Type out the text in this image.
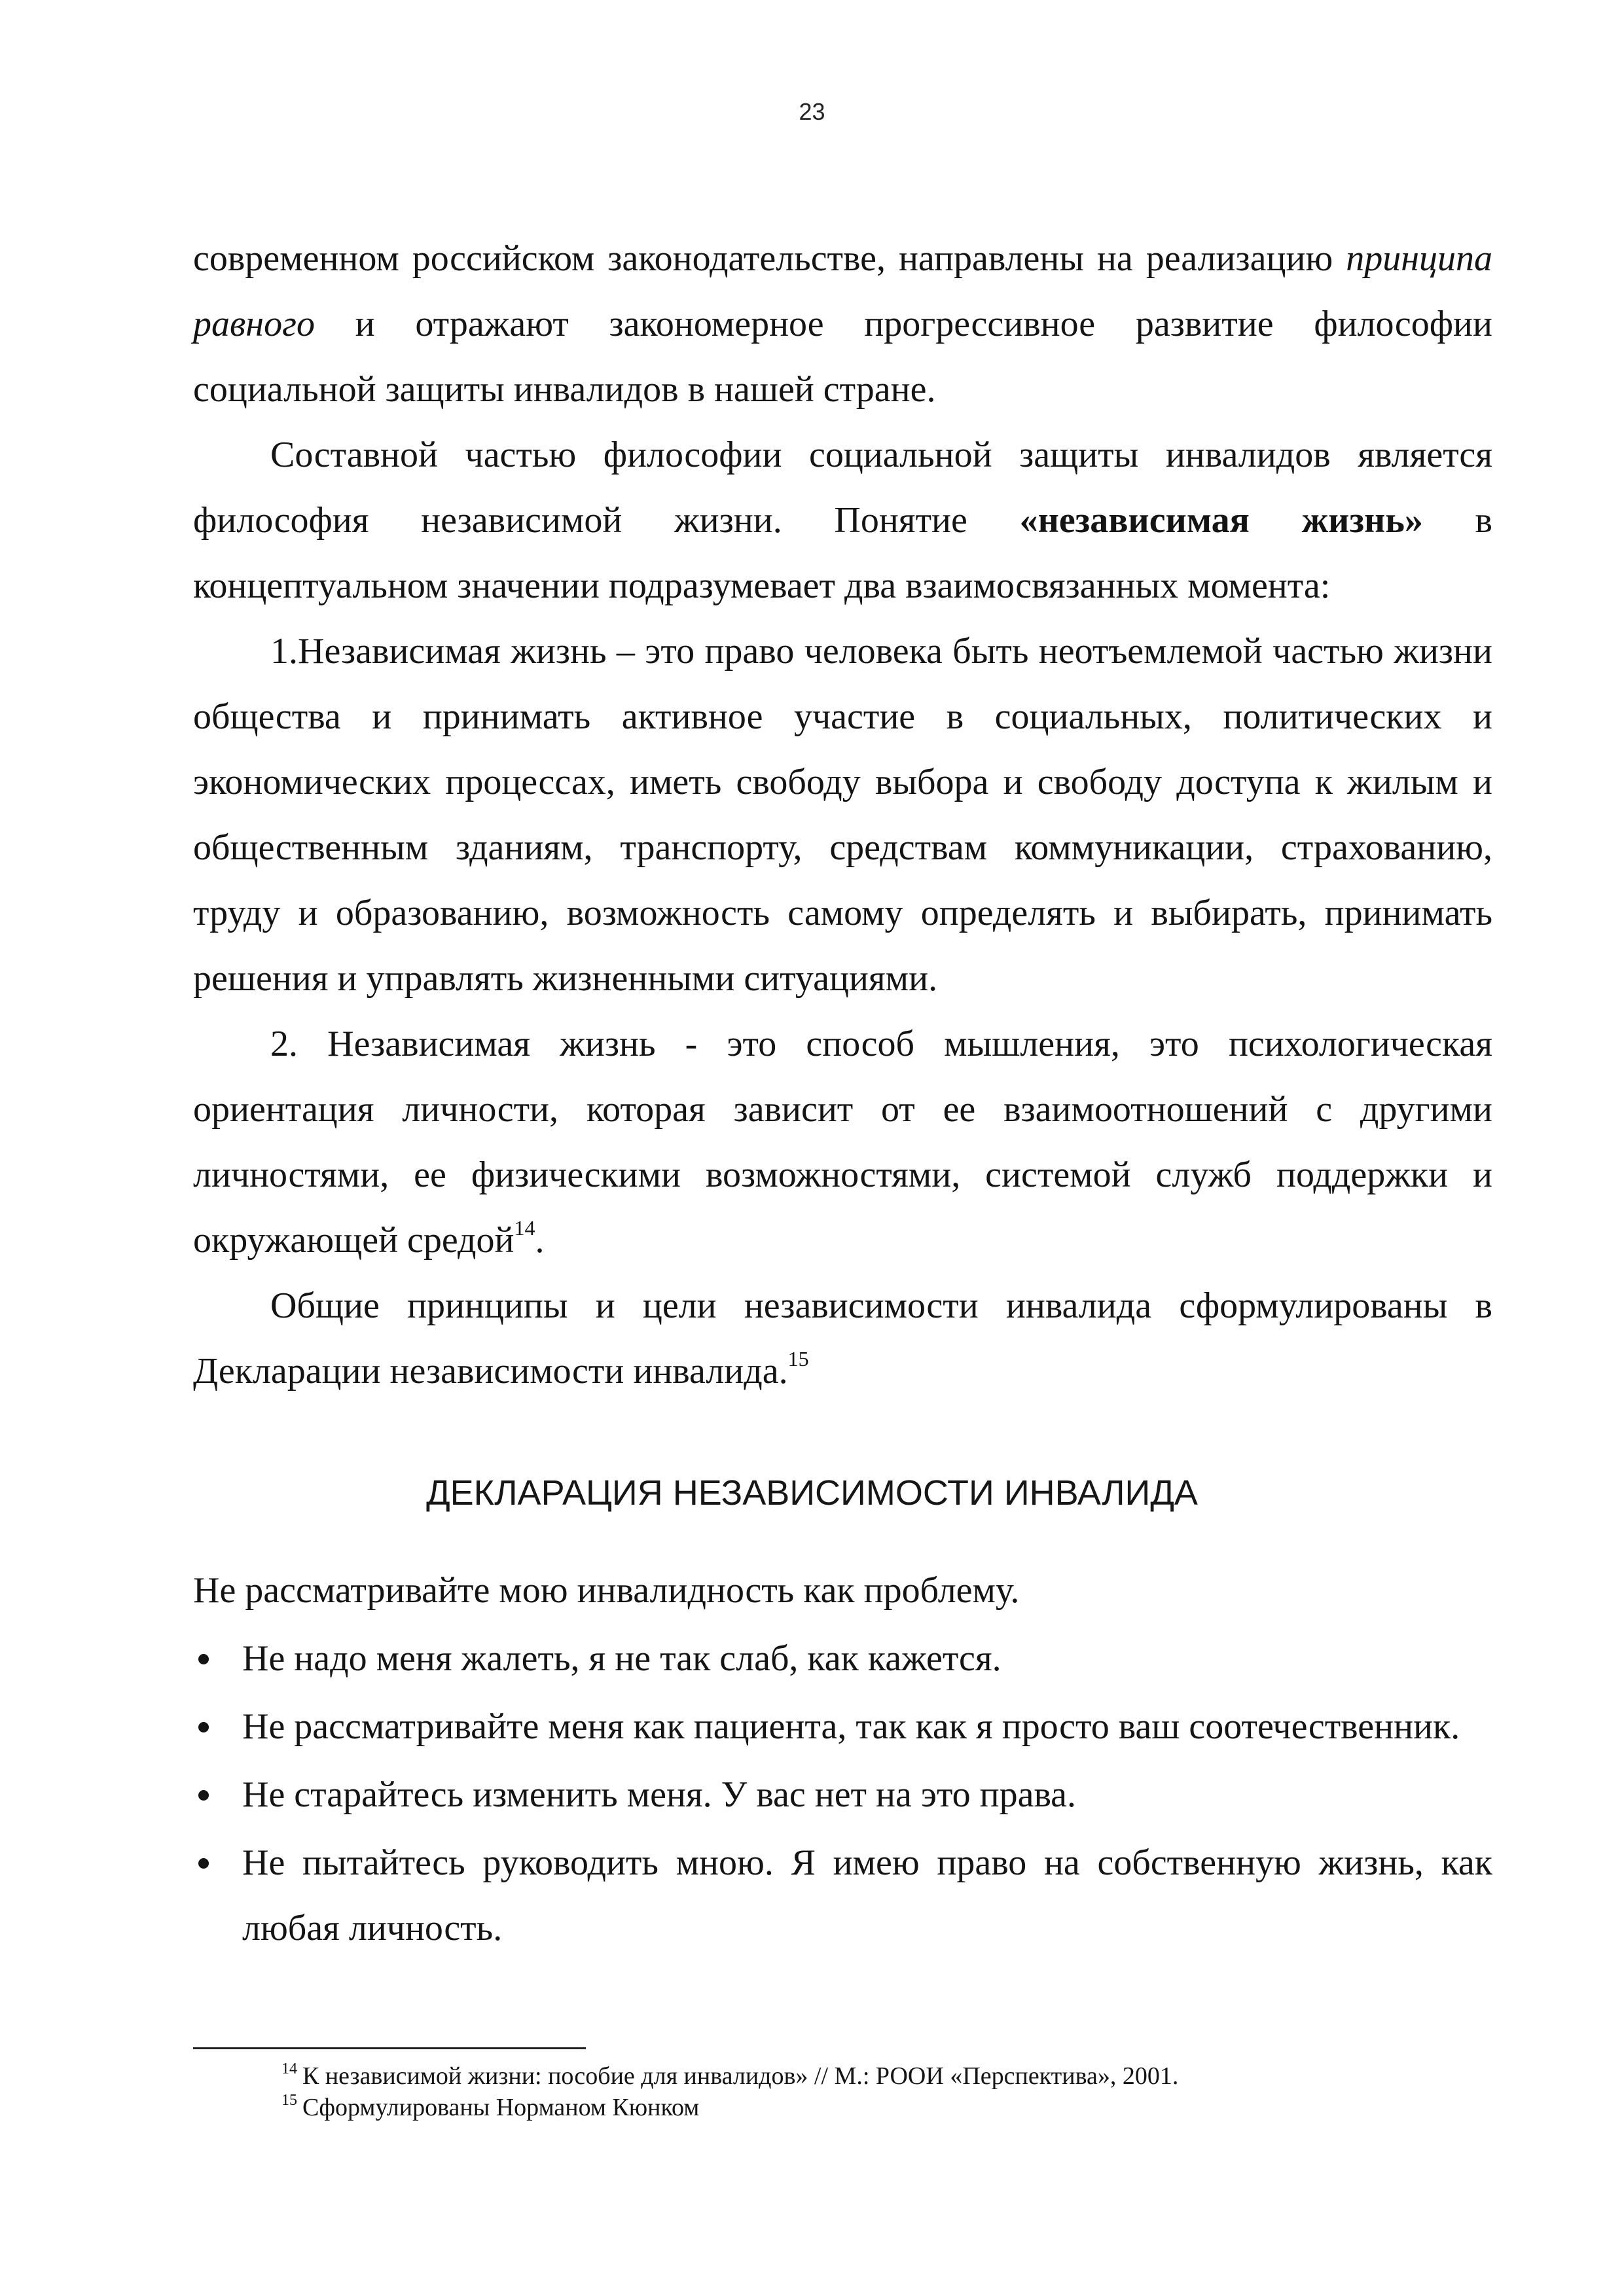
23

современном российском законодательстве, направлены на реализацию принципа равного и отражают закономерное прогрессивное развитие философии социальной защиты инвалидов в нашей стране.

Составной частью философии социальной защиты инвалидов является философия независимой жизни. Понятие «независимая жизнь» в концептуальном значении подразумевает два взаимосвязанных момента:

1.Независимая жизнь – это право человека быть неотъемлемой частью жизни общества и принимать активное участие в социальных, политических и экономических процессах, иметь свободу выбора и свободу доступа к жилым и общественным зданиям, транспорту, средствам коммуникации, страхованию, труду и образованию, возможность самому определять и выбирать, принимать решения и управлять жизненными ситуациями.

2. Независимая жизнь - это способ мышления, это психологическая ориентация личности, которая зависит от ее взаимоотношений с другими личностями, ее физическими возможностями, системой служб поддержки и окружающей средой$^{14}$.

Общие принципы и цели независимости инвалида сформулированы в Декларации независимости инвалида.$^{15}$

ДЕКЛАРАЦИЯ НЕЗАВИСИМОСТИ ИНВАЛИДА

Не рассматривайте мою инвалидность как проблему.

Не надо меня жалеть, я не так слаб, как кажется.
Не рассматривайте меня как пациента, так как я просто ваш соотечественник.
Не старайтесь изменить меня. У вас нет на это права.
Не пытайтесь руководить мною. Я имею право на собственную жизнь, как любая личность.

$^{14}$ К независимой жизни: пособие для инвалидов» // М.: РООИ «Перспектива», 2001.

$^{15}$ Сформулированы Норманом Кюнком
